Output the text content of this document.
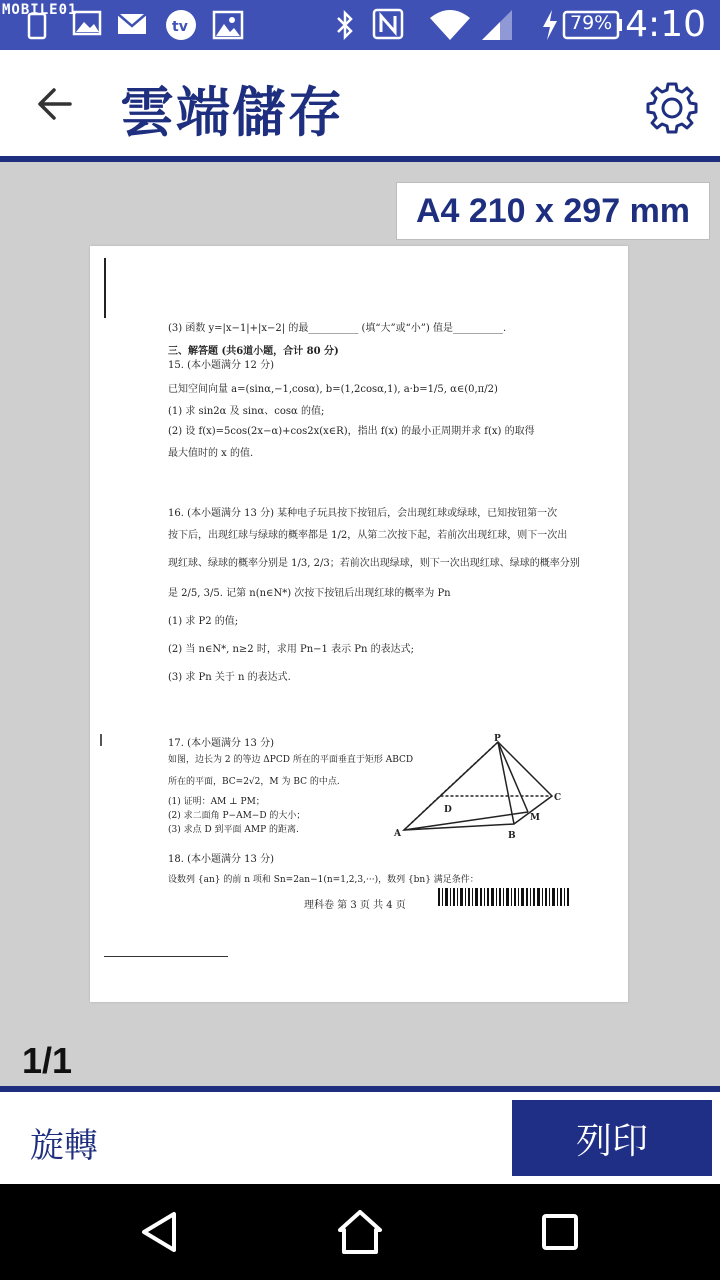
MOBILE01
tv	79% 4:10
雲端儲存
A4 210 x 297 mm
(3) 函数 y=|x−1|+|x−2| 的最__________ (填“大”或“小”) 值是__________.
三、解答题 (共6道小题，合计 80 分)
15. (本小题满分 12 分)
已知空间向量 a=(sinα,−1,cosα), b=(1,2cosα,1), a·b=1/5, α∈(0,π/2)
(1) 求 sin2α 及 sinα、cosα 的值;
(2) 设 f(x)=5cos(2x−α)+cos2x(x∈R)，指出 f(x) 的最小正周期并求 f(x) 的取得
最大值时的 x 的值.
16. (本小题满分 13 分) 某种电子玩具按下按钮后，会出现红球或绿球，已知按钮第一次
按下后，出现红球与绿球的概率都是 1/2，从第二次按下起，若前次出现红球，则下一次出
现红球、绿球的概率分别是 1/3, 2/3；若前次出现绿球，则下一次出现红球、绿球的概率分别
是 2/5, 3/5. 记第 n(n∈N*) 次按下按钮后出现红球的概率为 Pn
(1) 求 P2 的值;
(2) 当 n∈N*, n≥2 时，求用 Pn−1 表示 Pn 的表达式;
(3) 求 Pn 关于 n 的表达式.
17. (本小题满分 13 分)
如图，边长为 2 的等边 ΔPCD 所在的平面垂直于矩形 ABCD
所在的平面，BC=2√2，M 为 BC 的中点.
(1) 证明：AM ⊥ PM；
(2) 求二面角 P−AM−D 的大小；
(3) 求点 D 到平面 AMP 的距离.
18. (本小题满分 13 分)
设数列 {an} 的前 n 项和 Sn=2an−1(n=1,2,3,···)，数列 {bn} 满足条件：
P
D
C
M
A	B
理科卷 第 3 页 共 4 页
1/1
旋轉	列印
